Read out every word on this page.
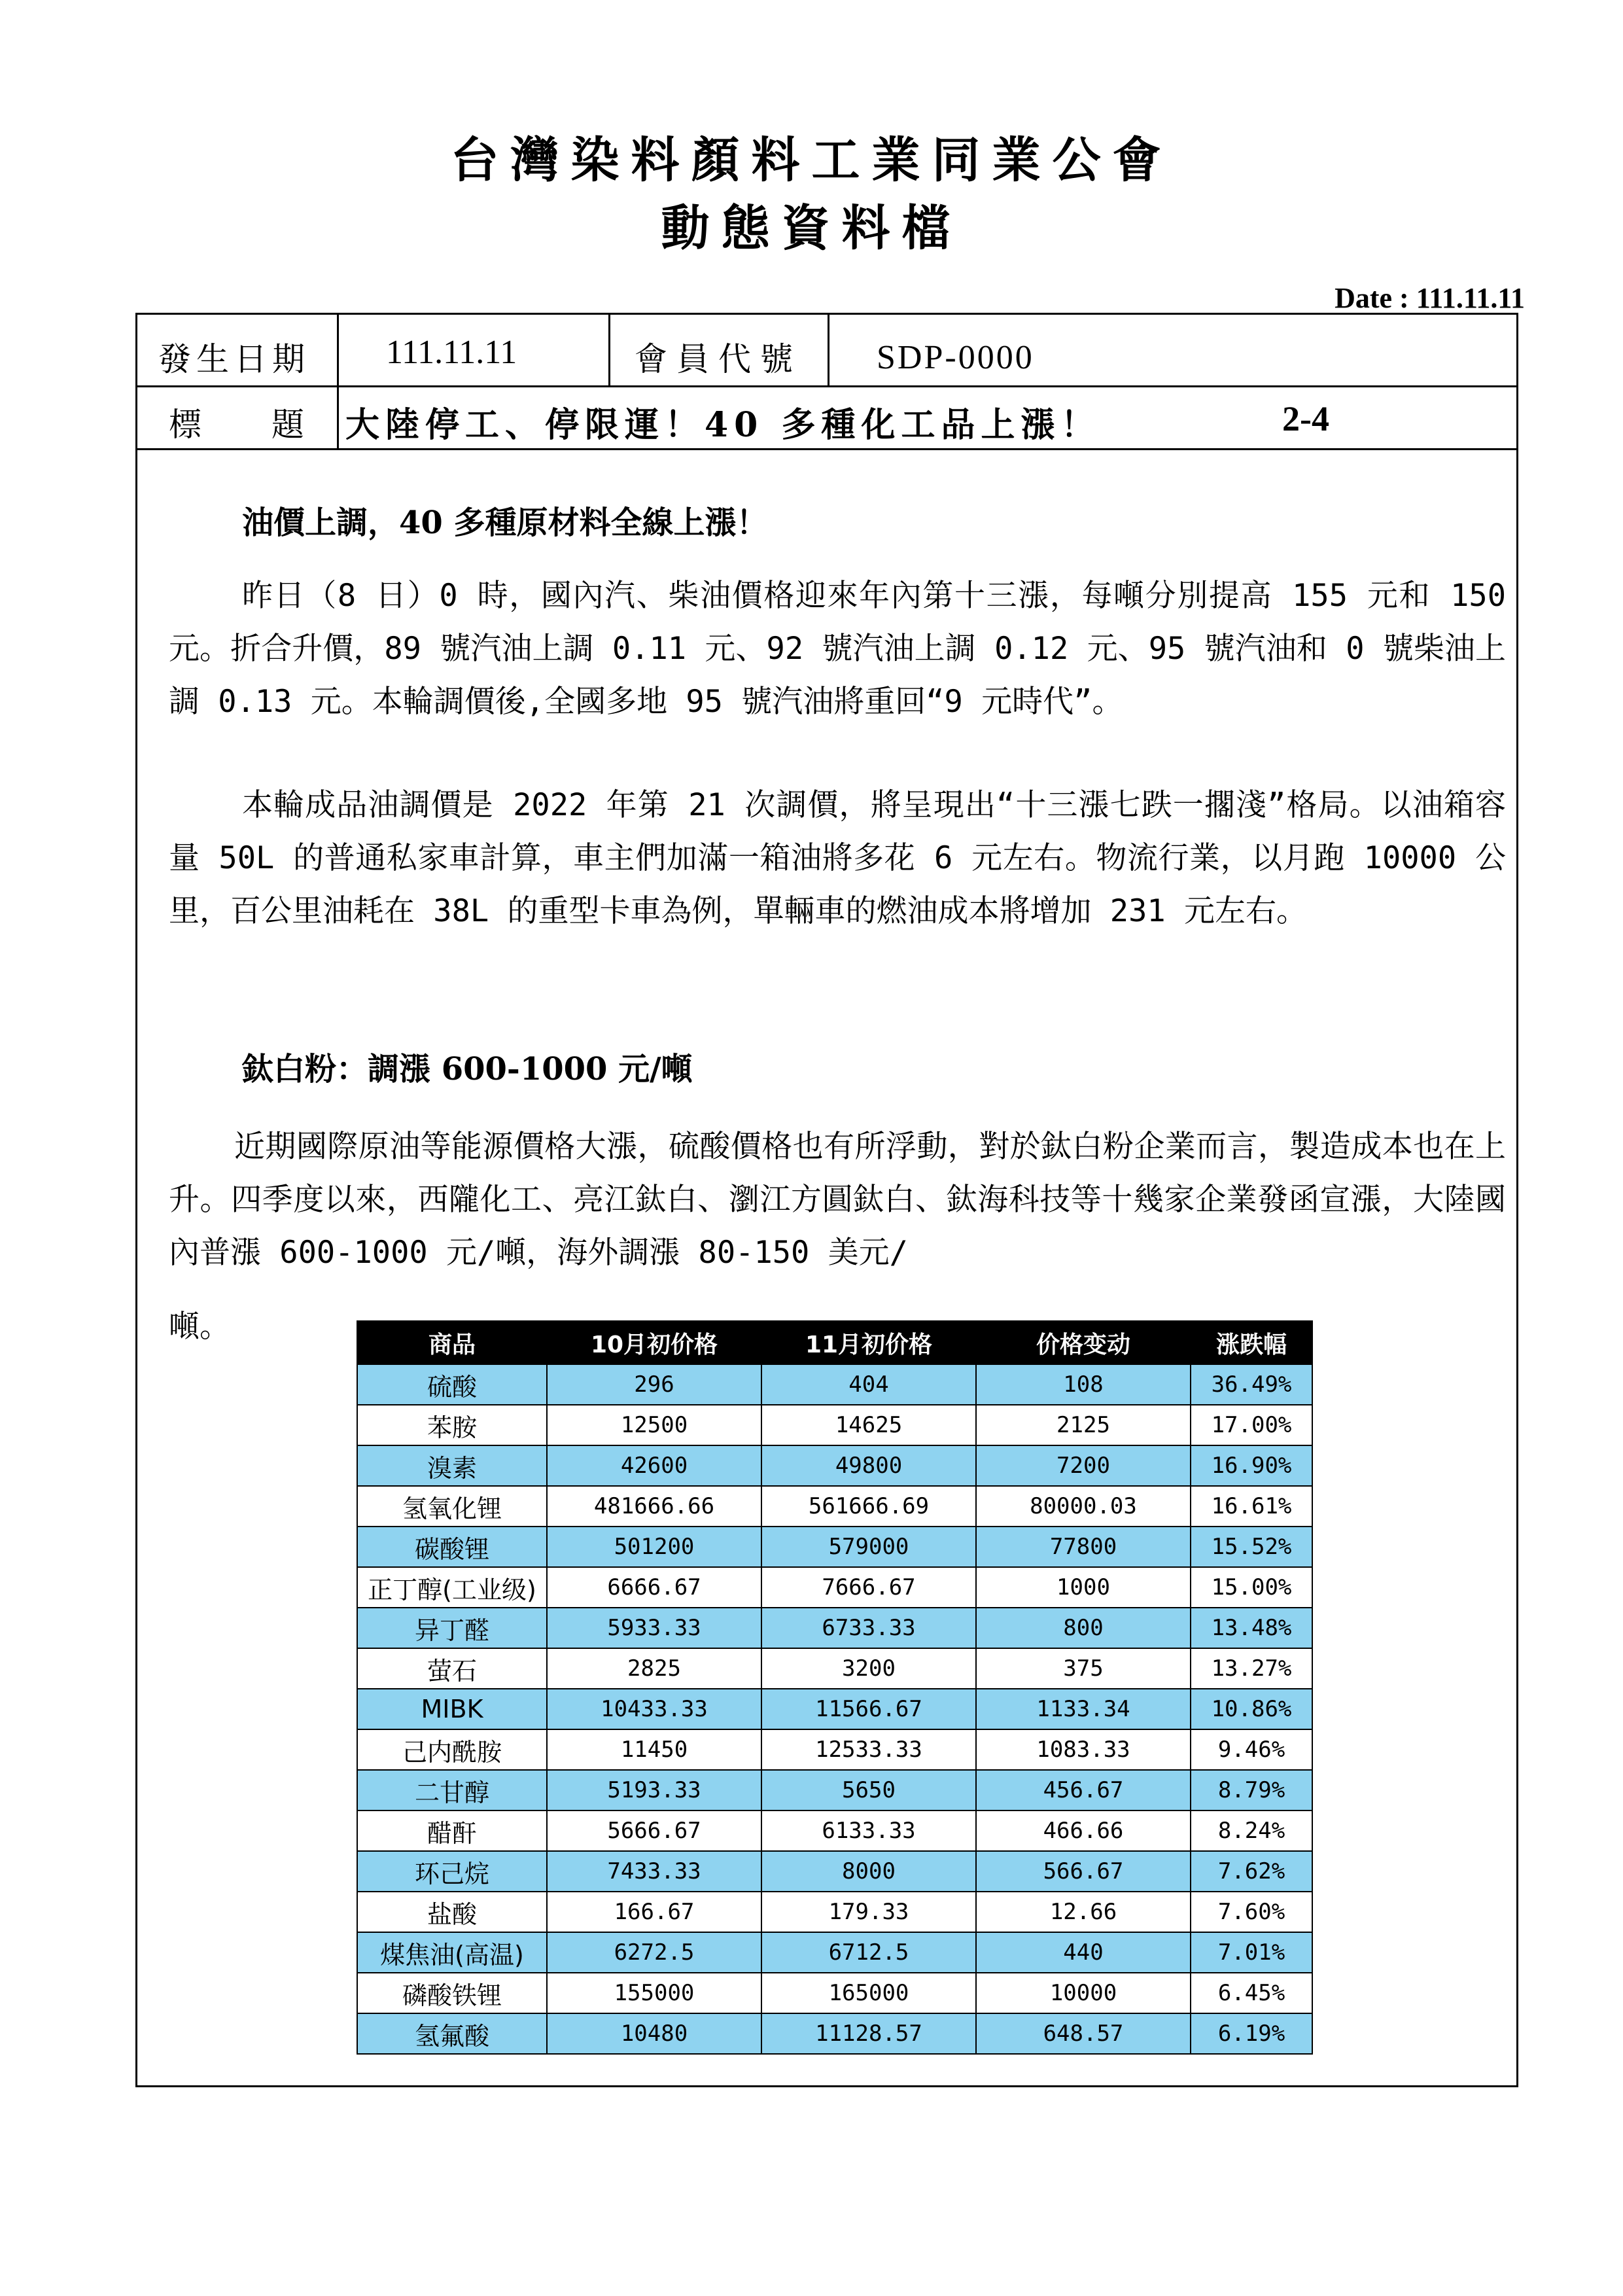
台灣染料顏料工業同業公會
動態資料檔
Date : 111.11.11
發生日期 111.11.11	會員代號 SDP-0000
標 題 大陸停工、停限運！40 多種化工品上漲！	2-4
油價上調，40 多種原材料全線上漲！

昨日（8 日）0 時，國內汽、柴油價格迎來年內第十三漲，每噸分別提高 155 元和 150 元。折合升價，89 號汽油上調 0.11 元、92 號汽油上調 0.12 元、95 號汽油和 0 號柴油上調 0.13 元。本輪調價後,全國多地 95 號汽油將重回“9 元時代”。

本輪成品油調價是 2022 年第 21 次調價，將呈現出“十三漲七跌一擱淺”格局。以油箱容量 50L 的普通私家車計算，車主們加滿一箱油將多花 6 元左右。物流行業，以月跑 10000 公里，百公里油耗在 38L 的重型卡車為例，單輛車的燃油成本將增加 231 元左右。

鈦白粉：調漲 600-1000 元/噸

近期國際原油等能源價格大漲，硫酸價格也有所浮動，對於鈦白粉企業而言，製造成本也在上升。四季度以來，西隴化工、亮江鈦白、瀏江方圓鈦白、鈦海科技等十幾家企業發函宣漲，大陸國內普漲 600-1000 元/噸，海外調漲 80-150 美元/

噸。	商品	10月初价格	11月初价格	价格变动	涨跌幅
硫酸	296	404	108	36.49%
苯胺	12500	14625	2125	17.00%
溴素	42600	49800	7200	16.90%
氢氧化锂	481666.66	561666.69	80000.03	16.61%
碳酸锂	501200	579000	77800	15.52%
正丁醇(工业级)	6666.67	7666.67	1000	15.00%
异丁醛	5933.33	6733.33	800	13.48%
萤石	2825	3200	375	13.27%
MIBK	10433.33	11566.67	1133.34	10.86%
己内酰胺	11450	12533.33	1083.33	9.46%
二甘醇	5193.33	5650	456.67	8.79%
醋酐	5666.67	6133.33	466.66	8.24%
环己烷	7433.33	8000	566.67	7.62%
盐酸	166.67	179.33	12.66	7.60%
煤焦油(高温)	6272.5	6712.5	440	7.01%
磷酸铁锂	155000	165000	10000	6.45%
氢氟酸	10480	11128.57	648.57	6.19%
